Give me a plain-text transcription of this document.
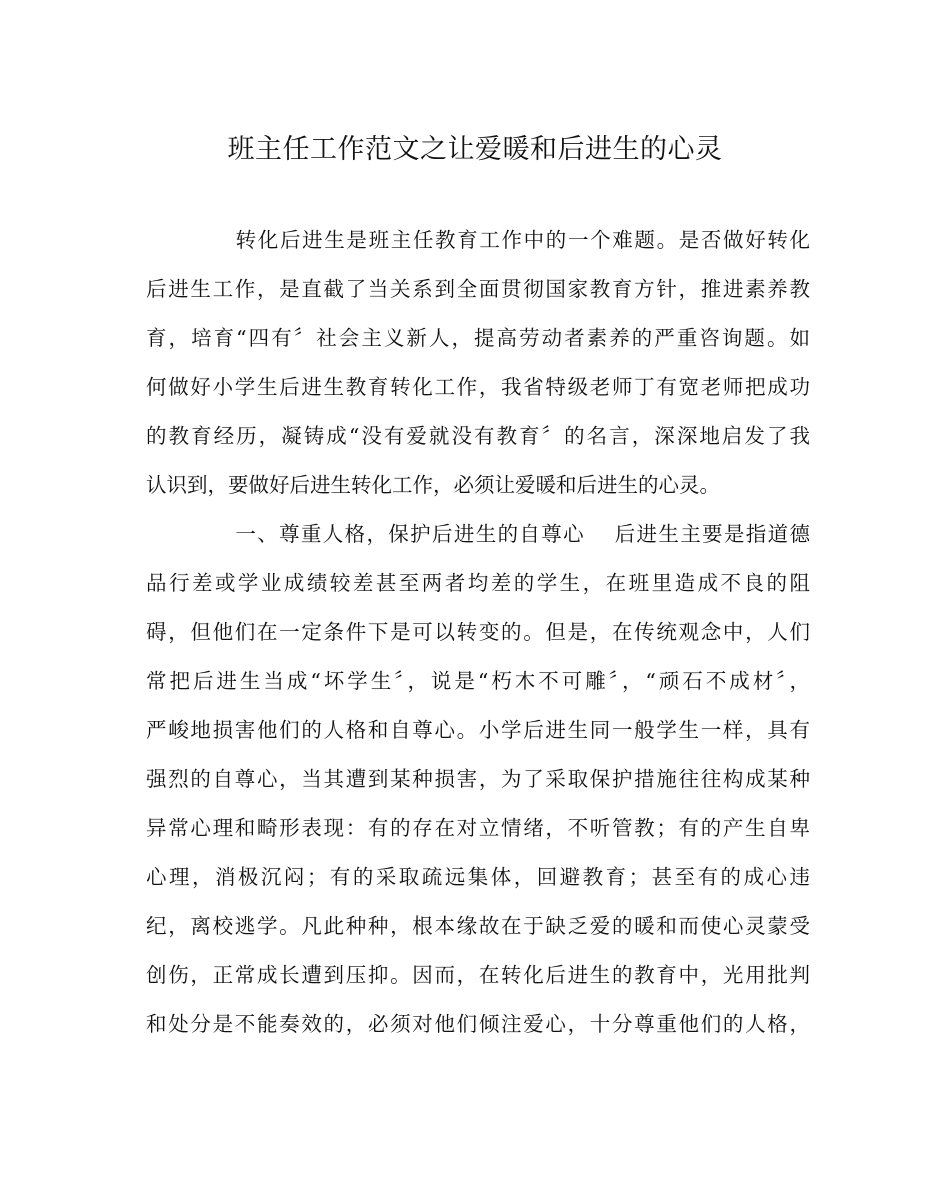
班主任工作范文之让爱暖和后进生的心灵
转化后进生是班主任教育工作中的一个难题。是否做好转化
后进生工作，是直截了当关系到全面贯彻国家教育方针，推进素养教
育，培育“四有〞社会主义新人，提高劳动者素养的严重咨询题。如
何做好小学生后进生教育转化工作，我省特级老师丁有宽老师把成功
的教育经历，凝铸成“没有爱就没有教育〞的名言，深深地启发了我
认识到，要做好后进生转化工作，必须让爱暖和后进生的心灵。
一、尊重人格，保护后进生的自尊心　 后进生主要是指道德
品行差或学业成绩较差甚至两者均差的学生，在班里造成不良的阻
碍，但他们在一定条件下是可以转变的。但是，在传统观念中，人们
常把后进生当成“坏学生〞，说是“朽木不可雕〞，“顽石不成材〞，
严峻地损害他们的人格和自尊心。小学后进生同一般学生一样，具有
强烈的自尊心，当其遭到某种损害，为了采取保护措施往往构成某种
异常心理和畸形表现：有的存在对立情绪，不听管教；有的产生自卑
心理，消极沉闷；有的采取疏远集体，回避教育；甚至有的成心违
纪，离校逃学。凡此种种，根本缘故在于缺乏爱的暖和而使心灵蒙受
创伤，正常成长遭到压抑。因而，在转化后进生的教育中，光用批判
和处分是不能奏效的，必须对他们倾注爱心，十分尊重他们的人格，
